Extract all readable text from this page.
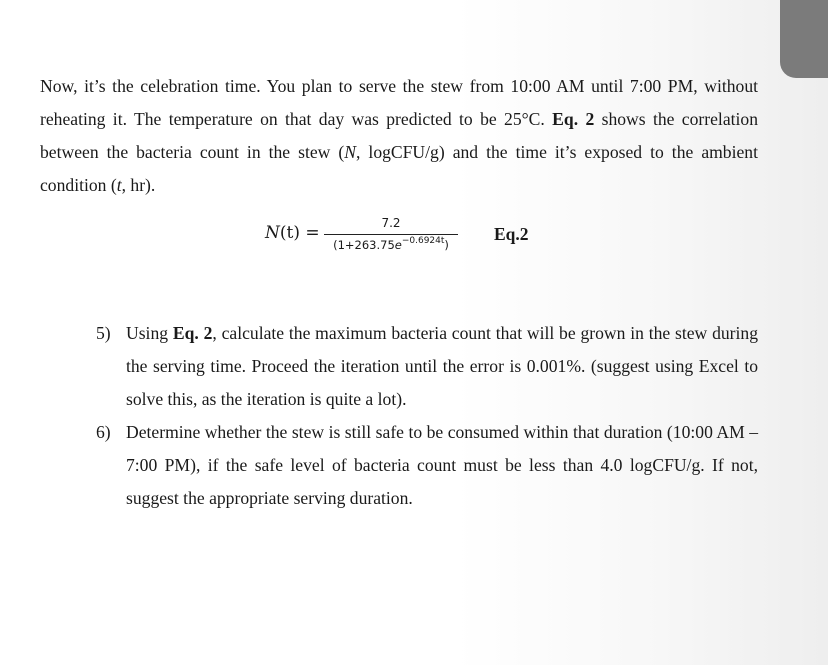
Now, it’s the celebration time. You plan to serve the stew from 10:00 AM until 7:00 PM, without reheating it. The temperature on that day was predicted to be 25°C. Eq. 2 shows the correlation between the bacteria count in the stew (N, logCFU/g) and the time it’s exposed to the ambient condition (t, hr).

N(t) =	7.2
$(1+263.75e^{-0.6924t})$
Eq.2
5) Using Eq. 2, calculate the maximum bacteria count that will be grown in the stew during the serving time. Proceed the iteration until the error is 0.001%. (suggest using Excel to solve this, as the iteration is quite a lot).
6) Determine whether the stew is still safe to be consumed within that duration (10:00 AM – 7:00 PM), if the safe level of bacteria count must be less than 4.0 logCFU/g. If not, suggest the appropriate serving duration.
